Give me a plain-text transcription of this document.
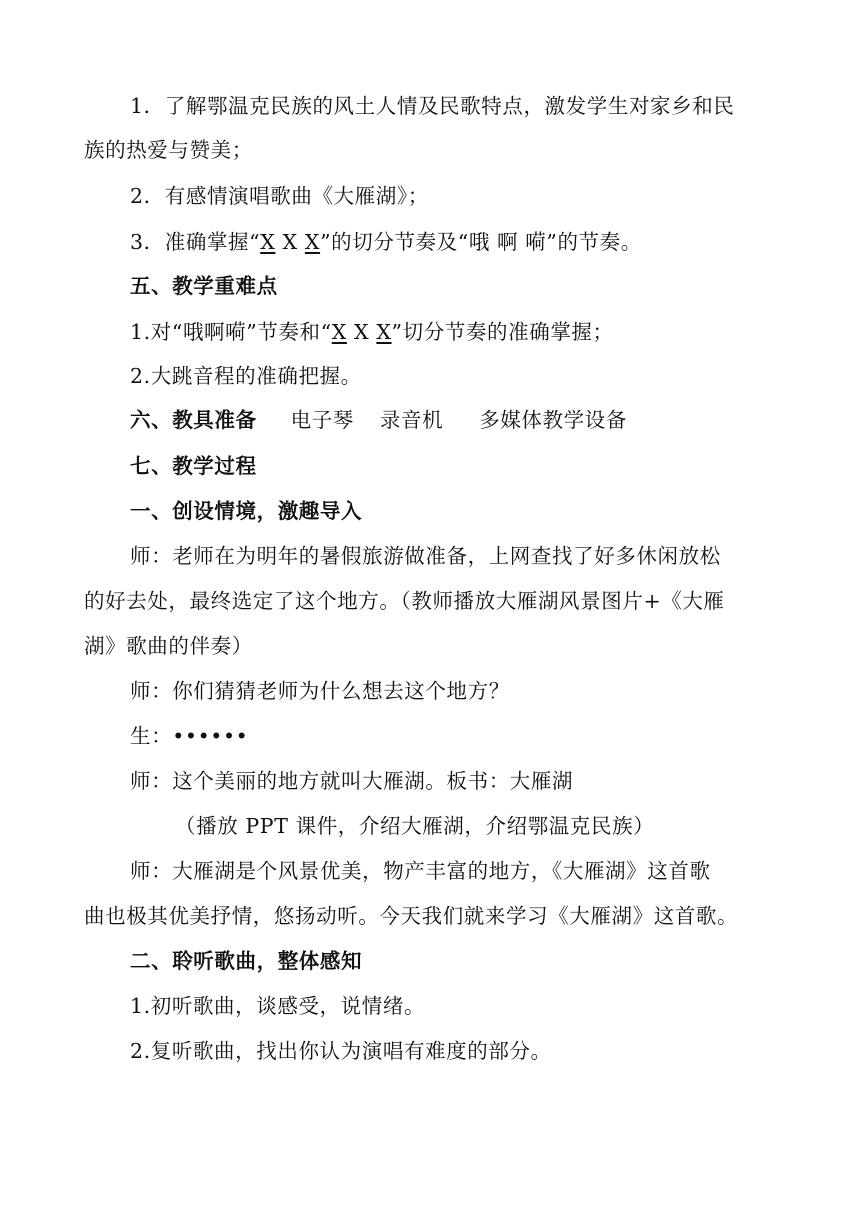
1．了解鄂温克民族的风土人情及民歌特点，激发学生对家乡和民
族的热爱与赞美；
2．有感情演唱歌曲《大雁湖》；
3．准确掌握“X X X”的切分节奏及“哦 啊 嗬”的节奏。
五、教学重难点
1.对“哦啊嗬”节奏和“X X X”切分节奏的准确掌握；
2.大跳音程的准确把握。
六、教具准备 电子琴 录音机 多媒体教学设备
七、教学过程
一、创设情境，激趣导入
师：老师在为明年的暑假旅游做准备，上网查找了好多休闲放松
的好去处，最终选定了这个地方。（教师播放大雁湖风景图片+《大雁
湖》歌曲的伴奏）
师：你们猜猜老师为什么想去这个地方？
生：••••••
师：这个美丽的地方就叫大雁湖。板书：大雁湖
（播放 PPT 课件，介绍大雁湖，介绍鄂温克民族）
师：大雁湖是个风景优美，物产丰富的地方，《大雁湖》这首歌
曲也极其优美抒情，悠扬动听。今天我们就来学习《大雁湖》这首歌。
二、聆听歌曲，整体感知
1.初听歌曲，谈感受，说情绪。
2.复听歌曲，找出你认为演唱有难度的部分。
